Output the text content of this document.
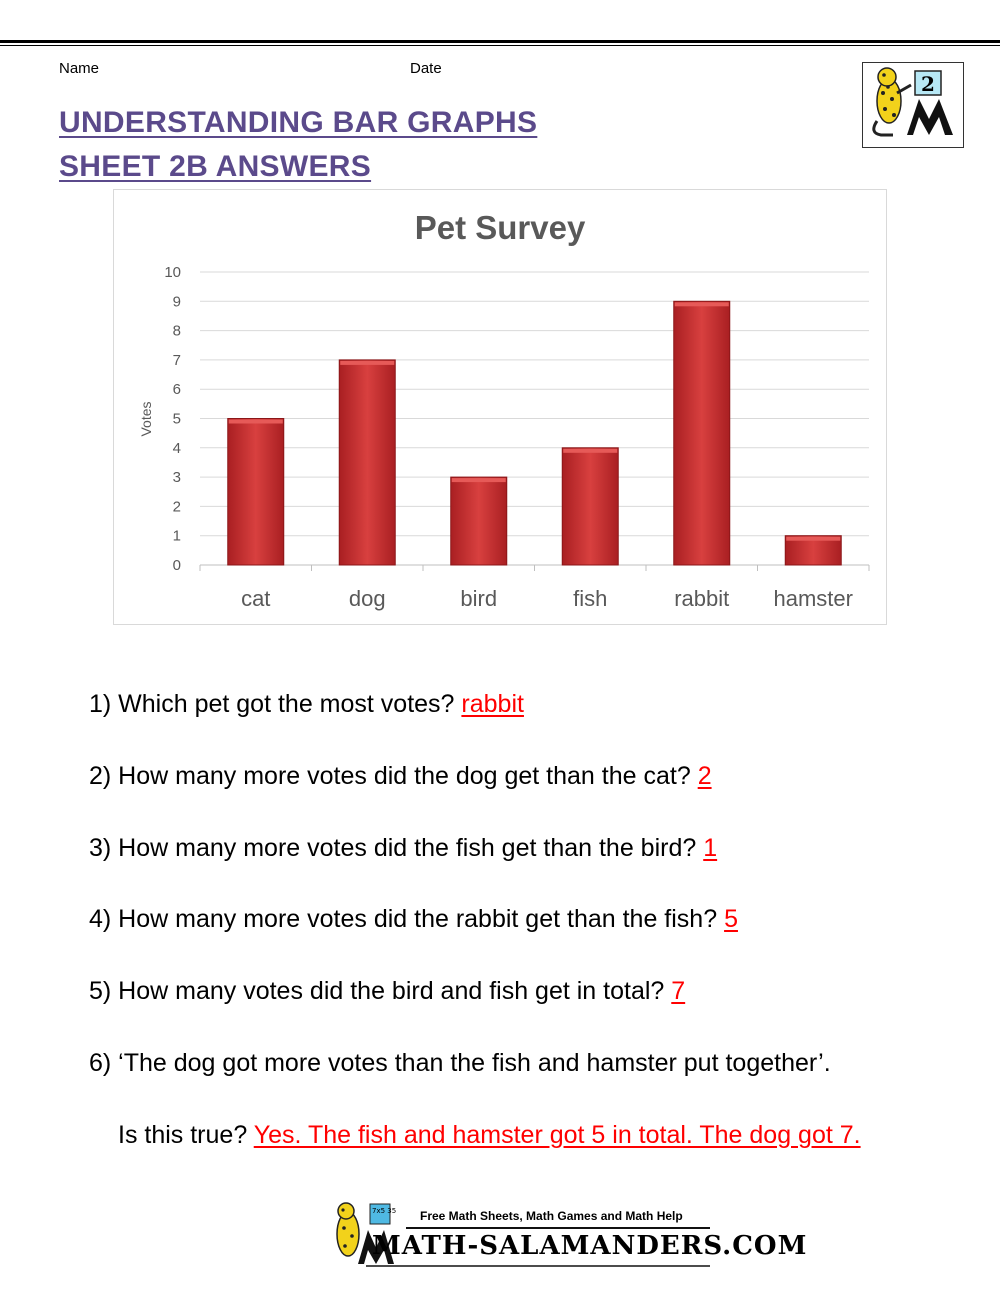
Name	Date
UNDERSTANDING BAR GRAPHS
SHEET 2B ANSWERS
2
Pet Survey
Votes
0
1
2
3
4
5
6
7
8
9
10
cat	dog	bird	fish	rabbit hamster
1) Which pet got the most votes? rabbit
2) How many more votes did the dog get than the cat? 2
3) How many more votes did the fish get than the bird? 1
4) How many more votes did the rabbit get than the fish? 5
5) How many votes did the bird and fish get in total? 7
6) ‘The dog got more votes than the fish and hamster put together’.
Is this true? Yes. The fish and hamster got 5 in total. The dog got 7.
7x5 35 Free Math Sheets, Math Games and Math Help
MATH-SALAMANDERS.COM
